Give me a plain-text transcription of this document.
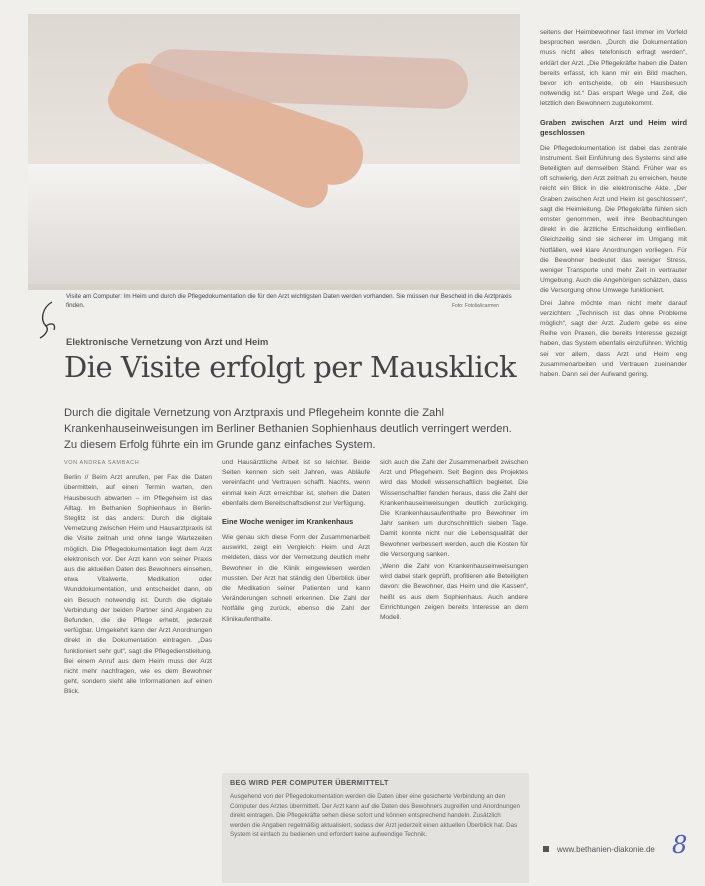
Visite am Computer: Im Heim und durch die Pflegedokumentation die für den Arzt wichtigsten Daten werden vorhanden. Sie müssen nur Bescheid in die Arztpraxis finden.	Foto: Fotolia/icarmen
Elektronische Vernetzung von Arzt und Heim
Die Visite erfolgt per Mausklick
Durch die digitale Vernetzung von Arztpraxis und Pflegeheim konnte die Zahl Krankenhauseinweisungen im Berliner Bethanien Sophienhaus deutlich verringert werden. Zu diesem Erfolg führte ein im Grunde ganz einfaches System.
VON ANDREA SAMBACH

Berlin // Beim Arzt anrufen, per Fax die Daten übermitteln, auf einen Termin warten, den Hausbesuch abwarten – im Pflegeheim ist das Alltag. Im Bethanien Sophienhaus in Berlin-Steglitz ist das anders: Durch die digitale Vernetzung zwischen Heim und Hausarztpraxis ist die Visite zeitnah und ohne lange Wartezeiten möglich. Die Pflegedokumentation liegt dem Arzt elektronisch vor. Der Arzt kann von seiner Praxis aus die aktuellen Daten des Bewohners einsehen, etwa Vitalwerte, Medikation oder Wunddokumentation, und entscheidet dann, ob ein Besuch notwendig ist. Durch die digitale Verbindung der beiden Partner sind Angaben zu Befunden, die die Pflege erhebt, jederzeit verfügbar. Umgekehrt kann der Arzt Anordnungen direkt in die Dokumentation eintragen. „Das funktioniert sehr gut“, sagt die Pflegedienstleitung. Bei einem Anruf aus dem Heim muss der Arzt nicht mehr nachfragen, wie es dem Bewohner geht, sondern sieht alle Informationen auf einen Blick.

und Hausärztliche Arbeit ist so leichter. Beide Seiten kennen sich seit Jahren, was Abläufe vereinfacht und Vertrauen schafft. Nachts, wenn einmal kein Arzt erreichbar ist, stehen die Daten ebenfalls dem Bereitschaftsdienst zur Verfügung.

Eine Woche weniger im Krankenhaus

Wie genau sich diese Form der Zusammenarbeit auswirkt, zeigt ein Vergleich: Heim und Arzt meldeten, dass vor der Vernetzung deutlich mehr Bewohner in die Klinik eingewiesen werden mussten. Der Arzt hat ständig den Überblick über die Medikation seiner Patienten und kann Veränderungen schnell erkennen. Die Zahl der Notfälle ging zurück, ebenso die Zahl der Klinikaufenthalte.

sich auch die Zahl der Zusammenarbeit zwischen Arzt und Pflegeheim. Seit Beginn des Projektes wird das Modell wissenschaftlich begleitet. Die Wissenschaftler fanden heraus, dass die Zahl der Krankenhauseinweisungen deutlich zurückging. Die Krankenhausaufenthalte pro Bewohner im Jahr sanken um durchschnittlich sieben Tage. Damit konnte nicht nur die Lebensqualität der Bewohner verbessert werden, auch die Kosten für die Versorgung sanken.

„Wenn die Zahl von Krankenhauseinweisungen wird dabei stark geprüft, profitieren alle Beteiligten davon: die Bewohner, das Heim und die Kassen“, heißt es aus dem Sophienhaus. Auch andere Einrichtungen zeigen bereits Interesse an dem Modell.

seitens der Heimbewohner fast immer im Vorfeld besprochen werden. „Durch die Dokumentation muss nicht alles telefonisch erfragt werden“, erklärt der Arzt. „Die Pflegekräfte haben die Daten bereits erfasst, ich kann mir ein Bild machen, bevor ich entscheide, ob ein Hausbesuch notwendig ist.“ Das erspart Wege und Zeit, die letztlich den Bewohnern zugutekommt.

Graben zwischen Arzt und Heim wird geschlossen

Die Pflegedokumentation ist dabei das zentrale Instrument. Seit Einführung des Systems sind alle Beteiligten auf demselben Stand. Früher war es oft schwierig, den Arzt zeitnah zu erreichen, heute reicht ein Blick in die elektronische Akte. „Der Graben zwischen Arzt und Heim ist geschlossen“, sagt die Heimleitung. Die Pflegekräfte fühlen sich ernster genommen, weil ihre Beobachtungen direkt in die ärztliche Entscheidung einfließen. Gleichzeitig sind sie sicherer im Umgang mit Notfällen, weil klare Anordnungen vorliegen. Für die Bewohner bedeutet das weniger Stress, weniger Transporte und mehr Zeit in vertrauter Umgebung. Auch die Angehörigen schätzen, dass die Versorgung ohne Umwege funktioniert.

Drei Jahre möchte man nicht mehr darauf verzichten: „Technisch ist das ohne Probleme möglich“, sagt der Arzt. Zudem gebe es eine Reihe von Praxen, die bereits Interesse gezeigt haben, das System ebenfalls einzuführen. Wichtig sei vor allem, dass Arzt und Heim eng zusammenarbeiten und Vertrauen zueinander haben. Dann sei der Aufwand gering.

BEG WIRD PER COMPUTER ÜBERMITTELT
Ausgehend von der Pflegedokumentation werden die Daten über eine gesicherte Verbindung an den Computer des Arztes übermittelt. Der Arzt kann auf die Daten des Bewohners zugreifen und Anordnungen direkt eintragen. Die Pflegekräfte sehen diese sofort und können entsprechend handeln. Zusätzlich werden die Angaben regelmäßig aktualisiert, sodass der Arzt jederzeit einen aktuellen Überblick hat. Das System ist einfach zu bedienen und erfordert keine aufwendige Technik.
www.bethanien-diakonie.de 8
